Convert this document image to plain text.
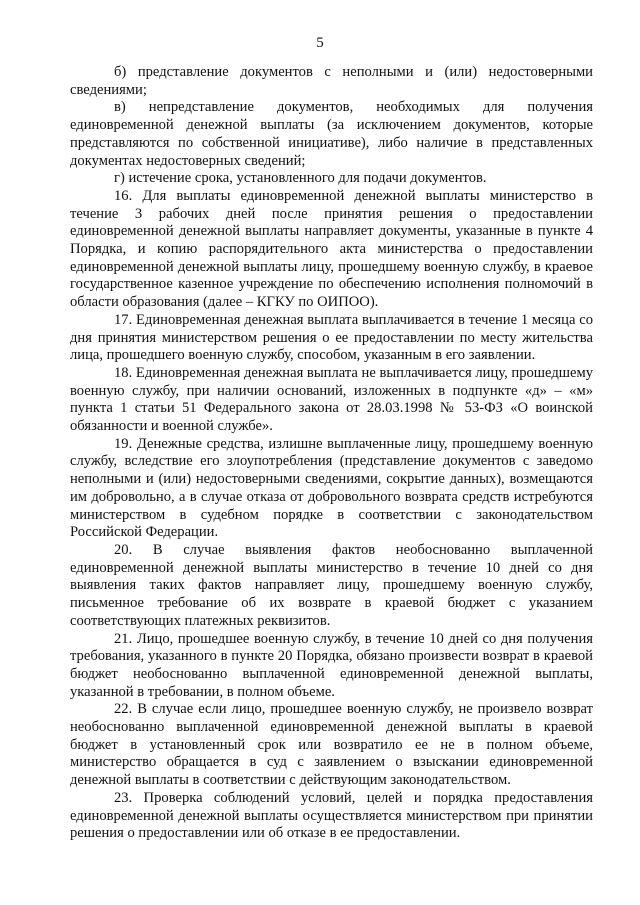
5

б) представление документов с неполными и (или) недостоверными сведениями;

в) непредставление документов, необходимых для получения единовременной денежной выплаты (за исключением документов, которые представляются по собственной инициативе), либо наличие в представленных документах недостоверных сведений;

г) истечение срока, установленного для подачи документов.

16. Для выплаты единовременной денежной выплаты министерство в течение 3 рабочих дней после принятия решения о предоставлении единовременной денежной выплаты направляет документы, указанные в пункте 4 Порядка, и копию распорядительного акта министерства о предоставлении единовременной денежной выплаты лицу, прошедшему военную службу, в краевое государственное казенное учреждение по обеспечению исполнения полномочий в области образования (далее – КГКУ по ОИПОО).

17. Единовременная денежная выплата выплачивается в течение 1 месяца со дня принятия министерством решения о ее предоставлении по месту жительства лица, прошедшего военную службу, способом, указанным в его заявлении.

18. Единовременная денежная выплата не выплачивается лицу, прошедшему военную службу, при наличии оснований, изложенных в подпункте «д» – «м» пункта 1 статьи 51 Федерального закона от 28.03.1998 № 53-ФЗ «О воинской обязанности и военной службе».

19. Денежные средства, излишне выплаченные лицу, прошедшему военную службу, вследствие его злоупотребления (представление документов с заведомо неполными и (или) недостоверными сведениями, сокрытие данных), возмещаются им добровольно, а в случае отказа от добровольного возврата средств истребуются министерством в судебном порядке в соответствии с законодательством Российской Федерации.

20. В случае выявления фактов необоснованно выплаченной единовременной денежной выплаты министерство в течение 10 дней со дня выявления таких фактов направляет лицу, прошедшему военную службу, письменное требование об их возврате в краевой бюджет с указанием соответствующих платежных реквизитов.

21. Лицо, прошедшее военную службу, в течение 10 дней со дня получения требования, указанного в пункте 20 Порядка, обязано произвести возврат в краевой бюджет необоснованно выплаченной единовременной денежной выплаты, указанной в требовании, в полном объеме.

22. В случае если лицо, прошедшее военную службу, не произвело возврат необоснованно выплаченной единовременной денежной выплаты в краевой бюджет в установленный срок или возвратило ее не в полном объеме, министерство обращается в суд с заявлением о взыскании единовременной денежной выплаты в соответствии с действующим законодательством.

23. Проверка соблюдений условий, целей и порядка предоставления единовременной денежной выплаты осуществляется министерством при принятии решения о предоставлении или об отказе в ее предоставлении.
